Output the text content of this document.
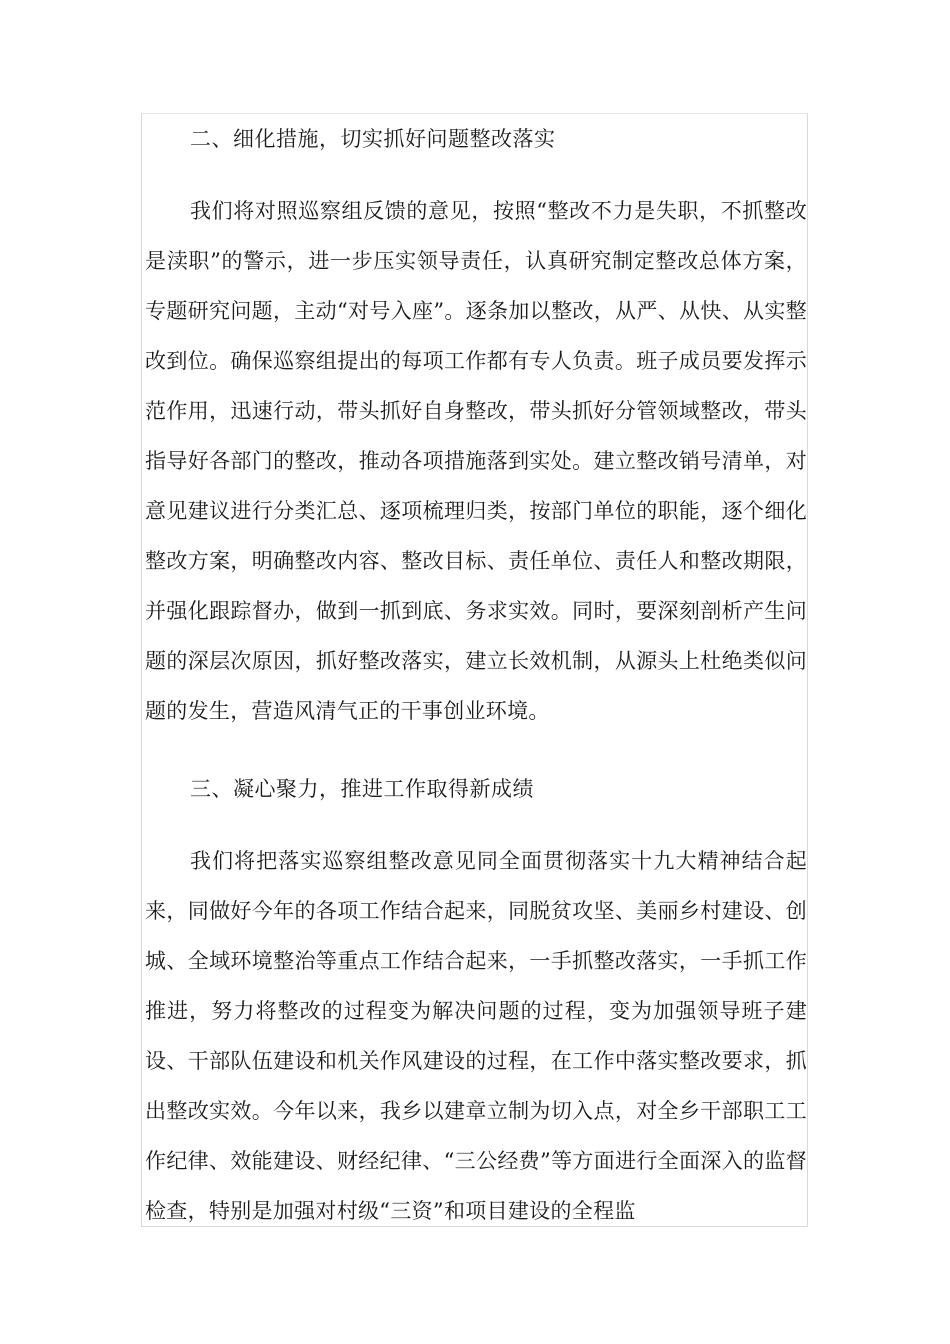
二、细化措施，切实抓好问题整改落实

我们将对照巡察组反馈的意见，按照“整改不力是失职，不抓整改是渎职”的警示，进一步压实领导责任，认真研究制定整改总体方案，专题研究问题，主动“对号入座”。逐条加以整改，从严、从快、从实整改到位。确保巡察组提出的每项工作都有专人负责。班子成员要发挥示范作用，迅速行动，带头抓好自身整改，带头抓好分管领域整改，带头指导好各部门的整改，推动各项措施落到实处。建立整改销号清单，对意见建议进行分类汇总、逐项梳理归类，按部门单位的职能，逐个细化整改方案，明确整改内容、整改目标、责任单位、责任人和整改期限，并强化跟踪督办，做到一抓到底、务求实效。同时，要深刻剖析产生问题的深层次原因，抓好整改落实，建立长效机制，从源头上杜绝类似问题的发生，营造风清气正的干事创业环境。

三、凝心聚力，推进工作取得新成绩

我们将把落实巡察组整改意见同全面贯彻落实十九大精神结合起来，同做好今年的各项工作结合起来，同脱贫攻坚、美丽乡村建设、创城、全域环境整治等重点工作结合起来，一手抓整改落实，一手抓工作推进，努力将整改的过程变为解决问题的过程，变为加强领导班子建设、干部队伍建设和机关作风建设的过程，在工作中落实整改要求，抓出整改实效。今年以来，我乡以建章立制为切入点，对全乡干部职工工作纪律、效能建设、财经纪律、“三公经费”等方面进行全面深入的监督检查，特别是加强对村级“三资”和项目建设的全程监
